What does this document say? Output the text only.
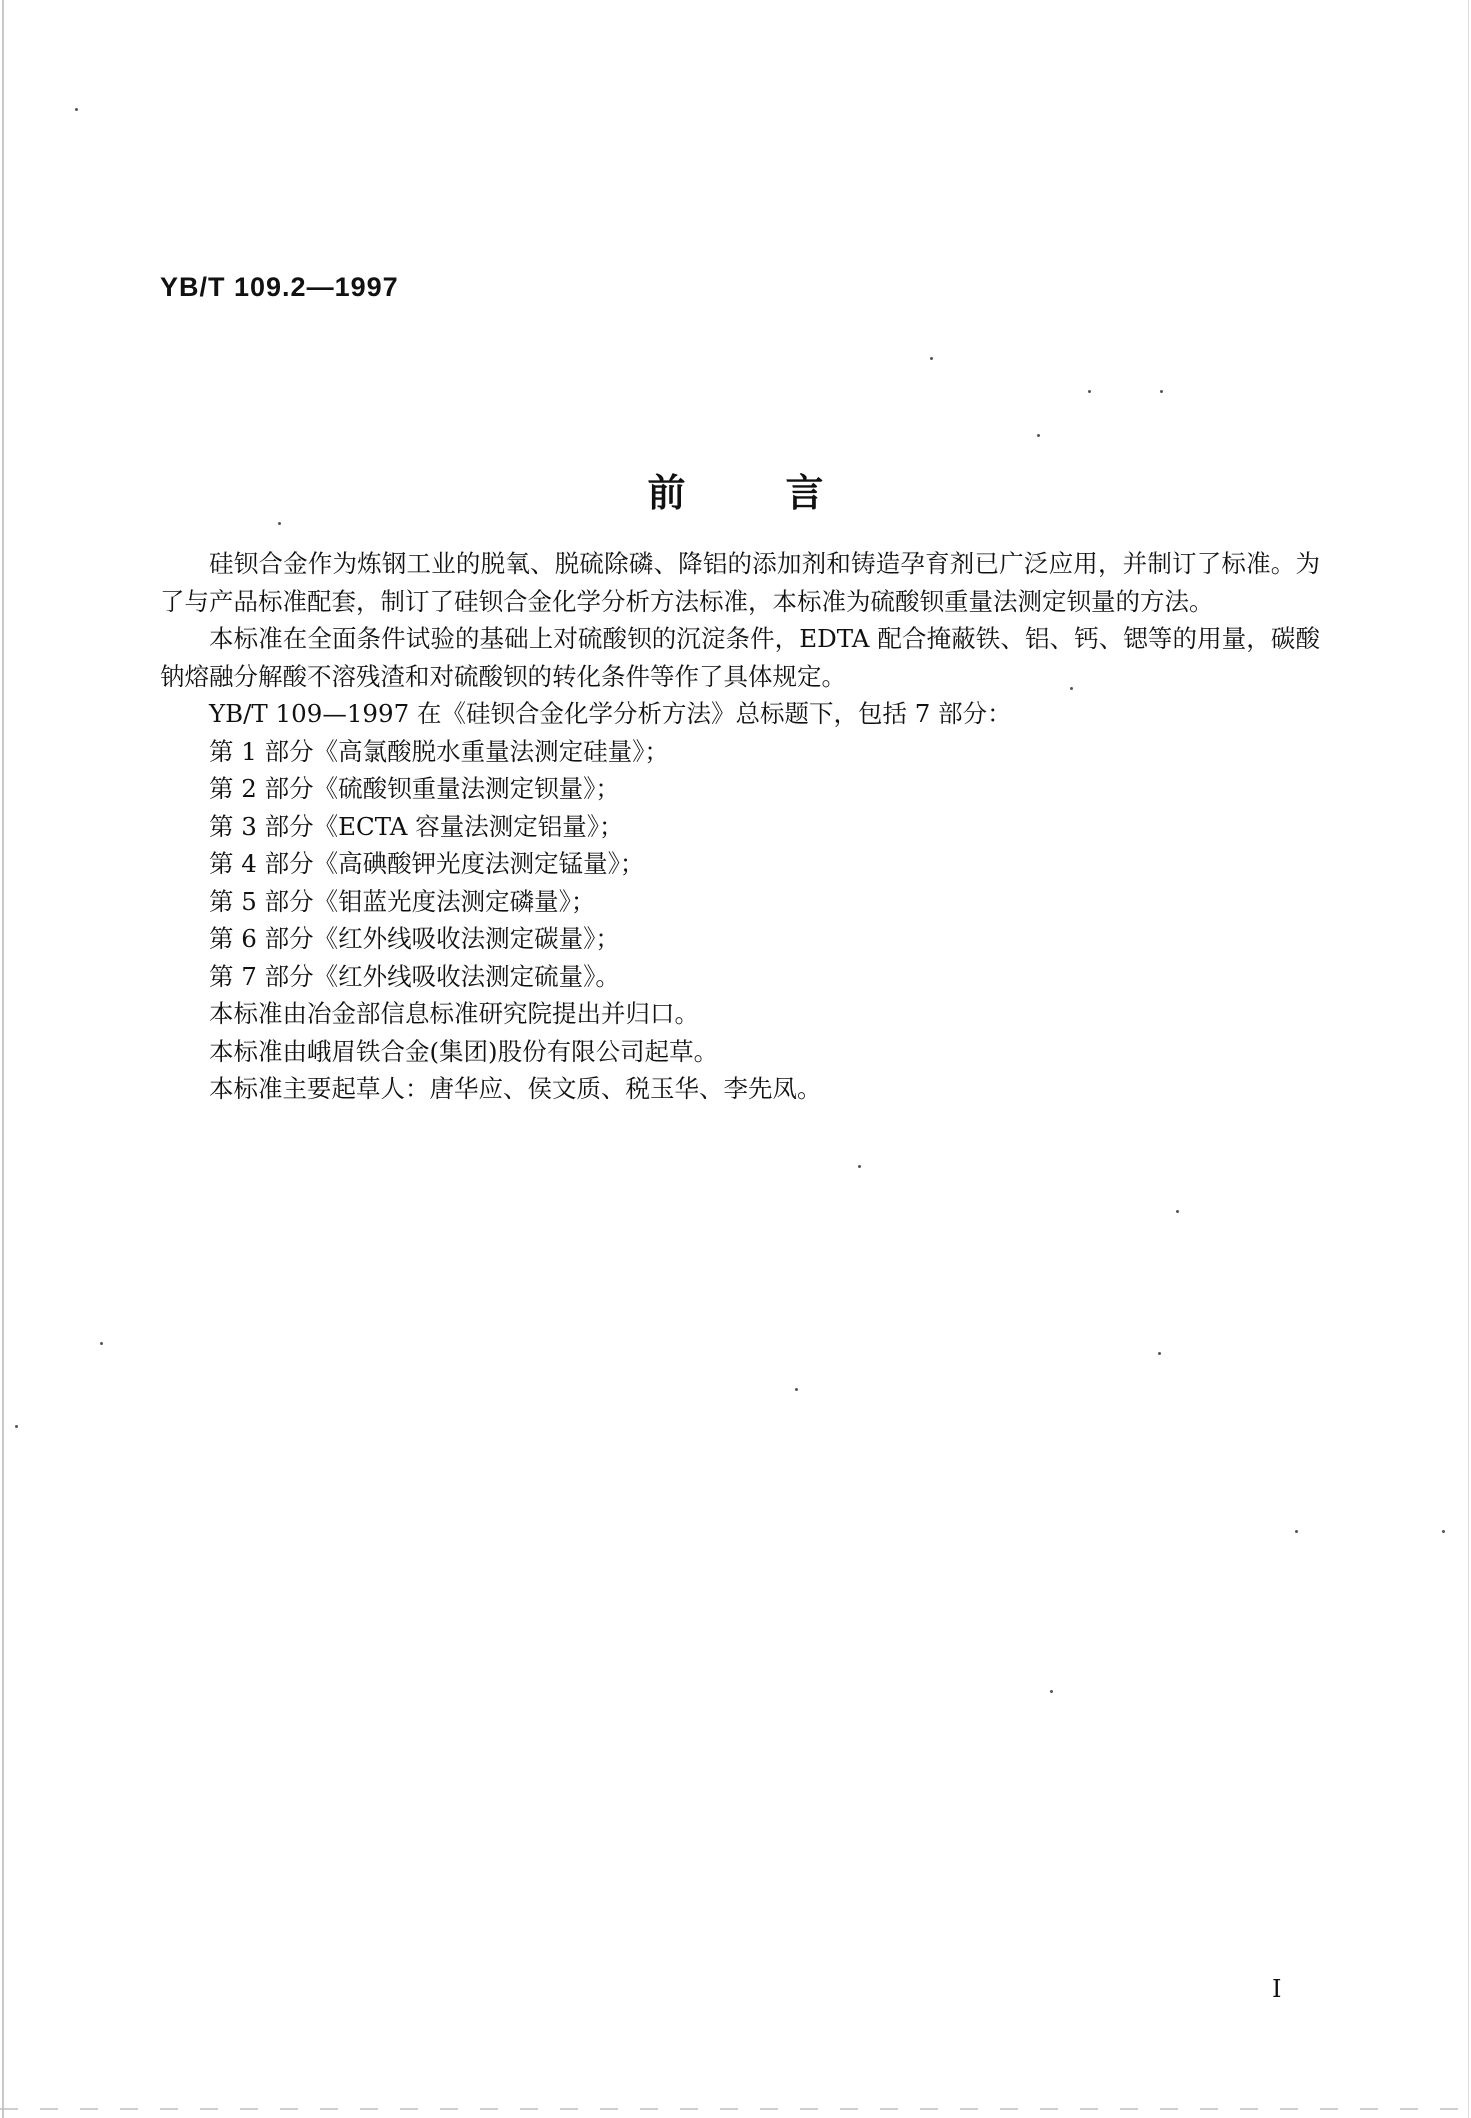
YB/T 109.2—1997
前言

硅钡合金作为炼钢工业的脱氧、脱硫除磷、降铝的添加剂和铸造孕育剂已广泛应用，并制订了标准。为了与产品标准配套，制订了硅钡合金化学分析方法标准，本标准为硫酸钡重量法测定钡量的方法。

本标准在全面条件试验的基础上对硫酸钡的沉淀条件，EDTA 配合掩蔽铁、铝、钙、锶等的用量，碳酸钠熔融分解酸不溶残渣和对硫酸钡的转化条件等作了具体规定。

YB/T 109—1997 在《硅钡合金化学分析方法》总标题下，包括 7 部分：

第 1 部分《高氯酸脱水重量法测定硅量》；

第 2 部分《硫酸钡重量法测定钡量》；

第 3 部分《ECTA 容量法测定铝量》；

第 4 部分《高碘酸钾光度法测定锰量》；

第 5 部分《钼蓝光度法测定磷量》；

第 6 部分《红外线吸收法测定碳量》；

第 7 部分《红外线吸收法测定硫量》。

本标准由冶金部信息标准研究院提出并归口。

本标准由峨眉铁合金(集团)股份有限公司起草。

本标准主要起草人：唐华应、侯文质、税玉华、李先凤。

I
